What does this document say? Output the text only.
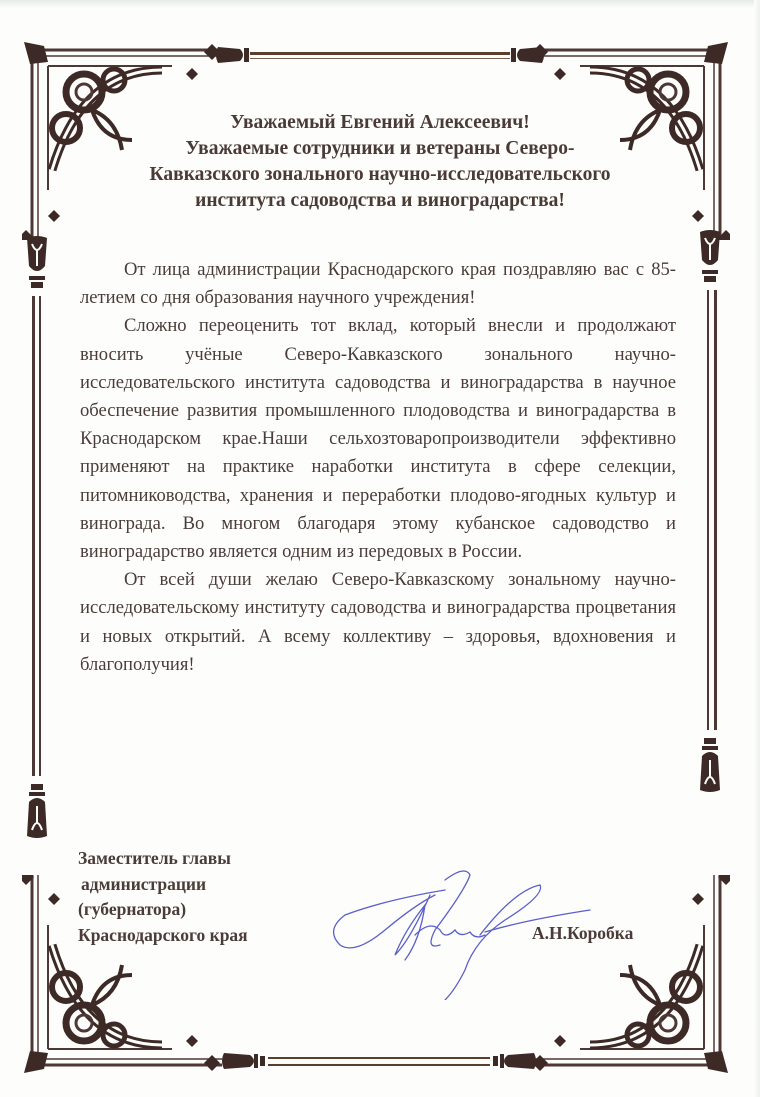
Уважаемый Евгений Алексеевич!
Уважаемые сотрудники и ветераны Северо-
Кавказского зонального научно-исследовательского
института садоводства и виноградарства!

От лица администрации Краснодарского края поздравляю вас с 85-летием со дня образования научного учреждения!

Сложно переоценить тот вклад, который внесли и продолжают вносить учёные Северо-Кавказского зонального научно-исследовательского института садоводства и виноградарства в научное обеспечение развития промышленного плодоводства и виноградарства в Краснодарском крае.Наши сельхозтоваропроизводители эффективно применяют на практике наработки института в сфере селекции, питомниководства, хранения и переработки плодово-ягодных культур и винограда. Во многом благодаря этому кубанское садоводство и виноградарство является одним из передовых в России.

От всей души желаю Северо-Кавказскому зональному научно-исследовательскому институту садоводства и виноградарства процветания и новых открытий. А всему коллективу – здоровья, вдохновения и благополучия!

Заместитель главы
администрации
(губернатора)
Краснодарского края	А.Н.Коробка
